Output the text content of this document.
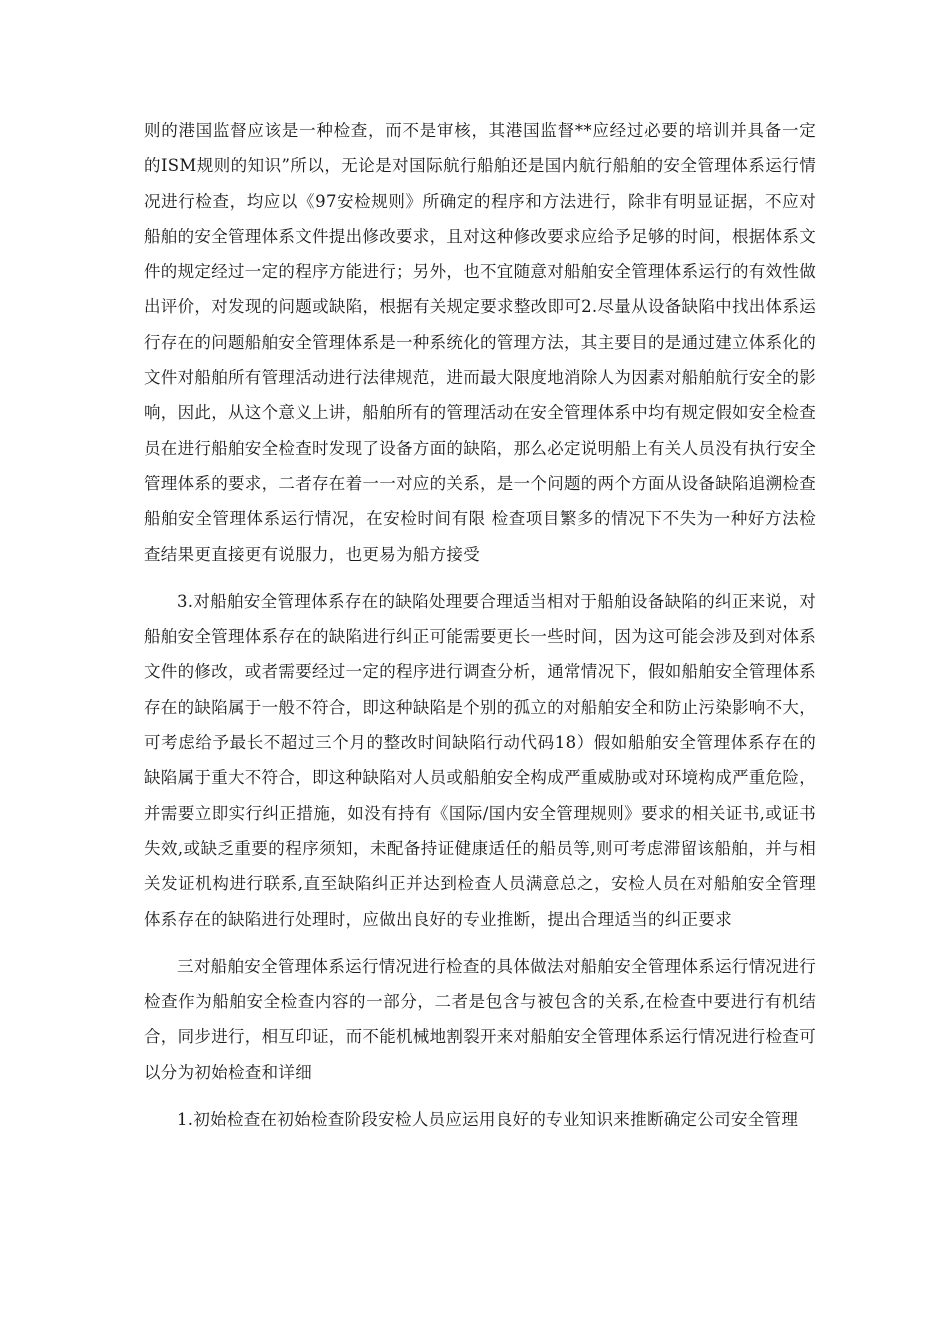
则的港国监督应该是一种检查，而不是审核，其港国监督**应经过必要的培训并具备一定的ISM规则的知识”所以，无论是对国际航行船舶还是国内航行船舶的安全管理体系运行情况进行检查，均应以《97安检规则》所确定的程序和方法进行，除非有明显证据，不应对船舶的安全管理体系文件提出修改要求，且对这种修改要求应给予足够的时间，根据体系文件的规定经过一定的程序方能进行；另外，也不宜随意对船舶安全管理体系运行的有效性做出评价，对发现的问题或缺陷，根据有关规定要求整改即可2.尽量从设备缺陷中找出体系运行存在的问题船舶安全管理体系是一种系统化的管理方法，其主要目的是通过建立体系化的文件对船舶所有管理活动进行法律规范，进而最大限度地消除人为因素对船舶航行安全的影响，因此，从这个意义上讲，船舶所有的管理活动在安全管理体系中均有规定假如安全检查员在进行船舶安全检查时发现了设备方面的缺陷，那么必定说明船上有关人员没有执行安全管理体系的要求，二者存在着一一对应的关系，是一个问题的两个方面从设备缺陷追溯检查船舶安全管理体系运行情况，在安检时间有限 检查项目繁多的情况下不失为一种好方法检查结果更直接更有说服力，也更易为船方接受

3.对船舶安全管理体系存在的缺陷处理要合理适当相对于船舶设备缺陷的纠正来说，对船舶安全管理体系存在的缺陷进行纠正可能需要更长一些时间，因为这可能会涉及到对体系文件的修改，或者需要经过一定的程序进行调查分析，通常情况下，假如船舶安全管理体系存在的缺陷属于一般不符合，即这种缺陷是个别的孤立的对船舶安全和防止污染影响不大，可考虑给予最长不超过三个月的整改时间缺陷行动代码18）假如船舶安全管理体系存在的缺陷属于重大不符合，即这种缺陷对人员或船舶安全构成严重威胁或对环境构成严重危险，并需要立即实行纠正措施，如没有持有《国际/国内安全管理规则》要求的相关证书,或证书失效,或缺乏重要的程序须知，未配备持证健康适任的船员等,则可考虑滞留该船舶，并与相关发证机构进行联系,直至缺陷纠正并达到检查人员满意总之，安检人员在对船舶安全管理体系存在的缺陷进行处理时，应做出良好的专业推断，提出合理适当的纠正要求

三对船舶安全管理体系运行情况进行检查的具体做法对船舶安全管理体系运行情况进行检查作为船舶安全检查内容的一部分，二者是包含与被包含的关系,在检查中要进行有机结合，同步进行，相互印证，而不能机械地割裂开来对船舶安全管理体系运行情况进行检查可以分为初始检查和详细

1.初始检查在初始检查阶段安检人员应运用良好的专业知识来推断确定公司安全管理
